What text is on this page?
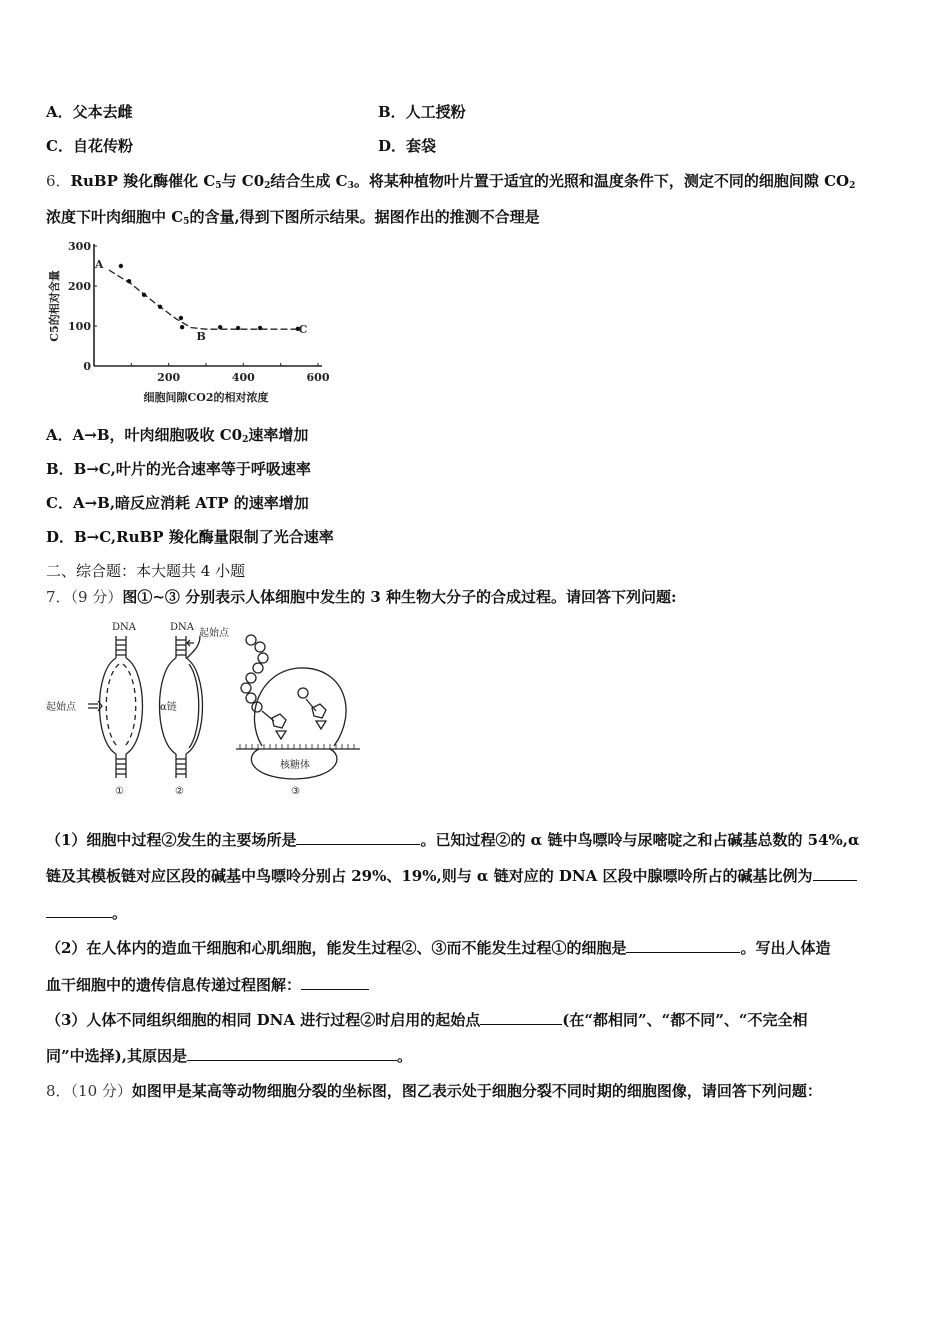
A．父本去雌	B．人工授粉
C．自花传粉	D．套袋
6．RuBP 羧化酶催化 $C_5$与 $C0_2$结合生成 $C_3$。将某种植物叶片置于适宜的光照和温度条件下，测定不同的细胞间隙 $CO_2$
浓度下叶肉细胞中 $C_5$的含量,得到下图所示结果。据图作出的推测不合理是
0
100
200
300
200	400	600
A
B
C
细胞间隙CO2的相对浓度
C5的相对含量
A．A→B，叶肉细胞吸收 $C0_2$速率增加
B．B→C,叶片的光合速率等于呼吸速率
C．A→B,暗反应消耗 ATP 的速率增加
D．B→C,RuBP 羧化酶量限制了光合速率
二、综合题：本大题共 4 小题
7．（9 分）图①~③ 分别表示人体细胞中发生的 3 种生物大分子的合成过程。请回答下列问题:
DNA
起始点
①
DNA
起始点
α链
②
核糖体
③
（1）细胞中过程②发生的主要场所是	。已知过程②的 α 链中鸟嘌呤与尿嘧啶之和占碱基总数的 54%,α
链及其模板链对应区段的碱基中鸟嘌呤分别占 29%、19%,则与 α 链对应的 DNA 区段中腺嘌呤所占的碱基比例为
。
（2）在人体内的造血干细胞和心肌细胞，能发生过程②、③而不能发生过程①的细胞是	。写出人体造
血干细胞中的遗传信息传递过程图解：
（3）人体不同组织细胞的相同 DNA 进行过程②时启用的起始点	(在“都相同”、“都不同”、“不完全相
同”中选择),其原因是	。
8．（10 分）如图甲是某高等动物细胞分裂的坐标图，图乙表示处于细胞分裂不同时期的细胞图像，请回答下列问题：
